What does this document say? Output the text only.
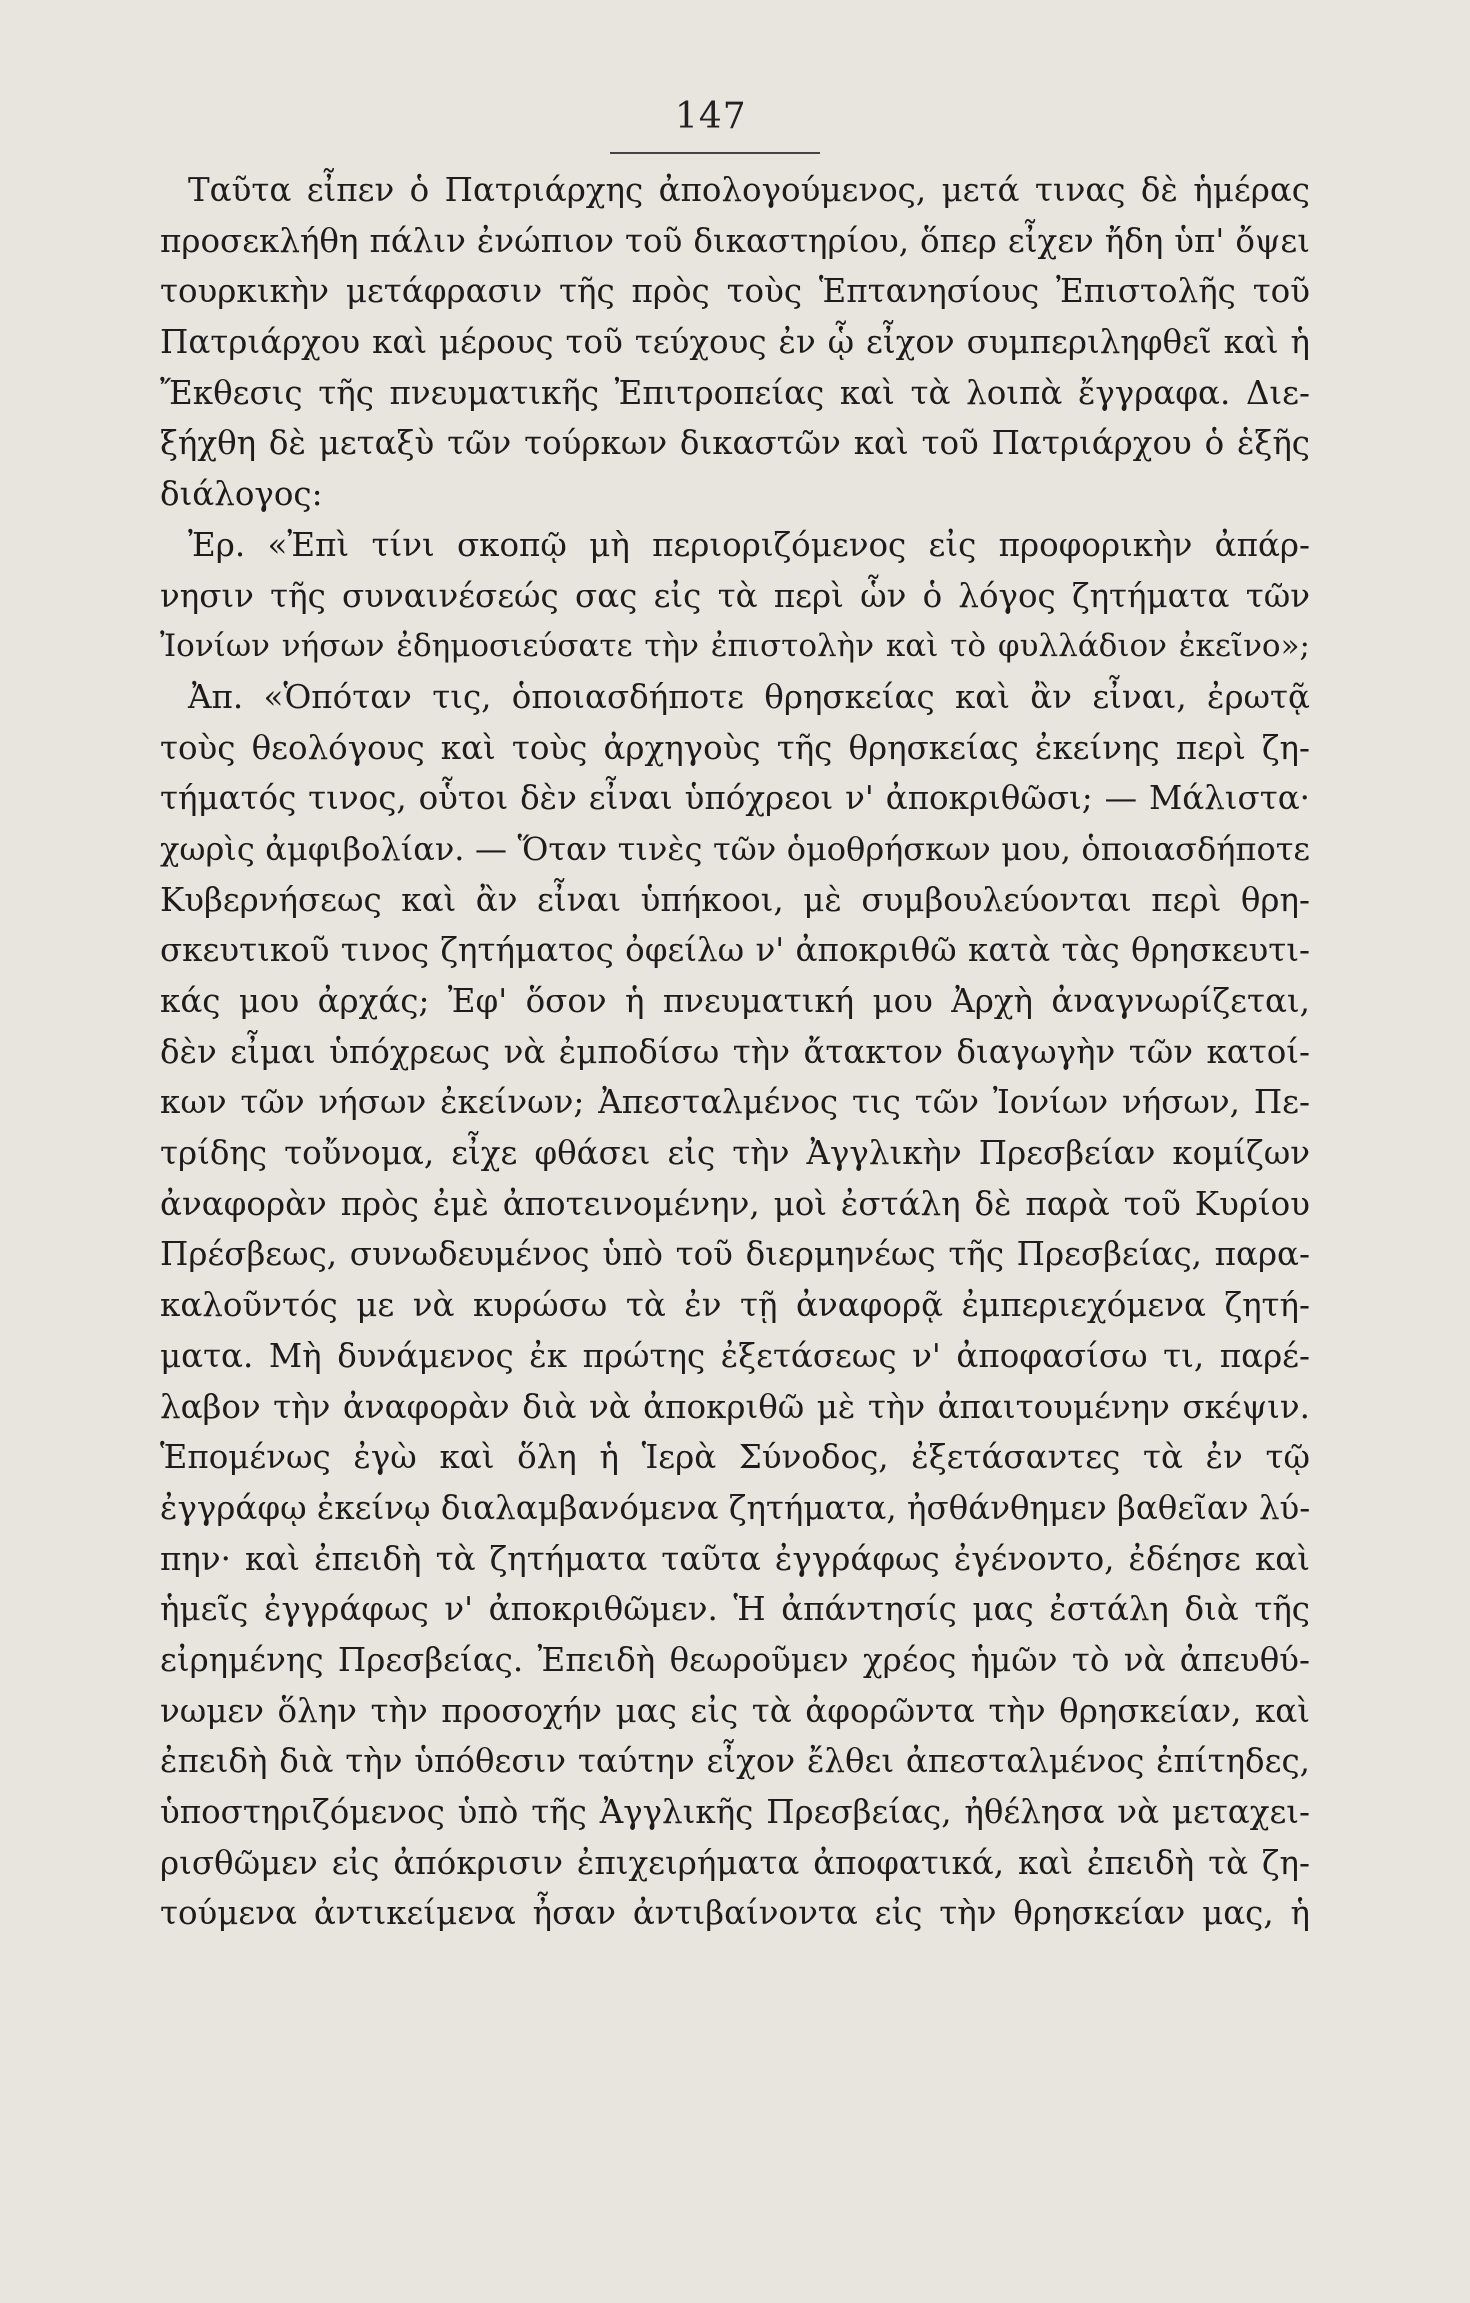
147
Ταῦτα εἶπεν ὁ Πατριάρχης ἀπολογούμενος, μετά τινας δὲ ἡμέρας
προσεκλήθη πάλιν ἐνώπιον τοῦ δικαστηρίου, ὅπερ εἶχεν ἤδη ὑπ' ὄψει
τουρκικὴν μετάφρασιν τῆς πρὸς τοὺς Ἑπτανησίους Ἐπιστολῆς τοῦ
Πατριάρχου καὶ μέρους τοῦ τεύχους ἐν ᾧ εἶχον συμπεριληφθεῖ καὶ ἡ
Ἔκθεσις τῆς πνευματικῆς Ἐπιτροπείας καὶ τὰ λοιπὰ ἔγγραφα. Διε-
ξήχθη δὲ μεταξὺ τῶν τούρκων δικαστῶν καὶ τοῦ Πατριάρχου ὁ ἑξῆς
διάλογος:
Ἐρ. «Ἐπὶ τίνι σκοπῷ μὴ περιοριζόμενος εἰς προφορικὴν ἀπάρ-
νησιν τῆς συναινέσεώς σας εἰς τὰ περὶ ὧν ὁ λόγος ζητήματα τῶν
Ἰονίων νήσων ἐδημοσιεύσατε τὴν ἐπιστολὴν καὶ τὸ φυλλάδιον ἐκεῖνο»;
Ἀπ. «Ὁπόταν τις, ὁποιασδήποτε θρησκείας καὶ ἂν εἶναι, ἐρωτᾷ
τοὺς θεολόγους καὶ τοὺς ἀρχηγοὺς τῆς θρησκείας ἐκείνης περὶ ζη-
τήματός τινος, οὗτοι δὲν εἶναι ὑπόχρεοι ν' ἀποκριθῶσι; — Μάλιστα·
χωρὶς ἀμφιβολίαν. — Ὅταν τινὲς τῶν ὁμοθρήσκων μου, ὁποιασδήποτε
Κυβερνήσεως καὶ ἂν εἶναι ὑπήκοοι, μὲ συμβουλεύονται περὶ θρη-
σκευτικοῦ τινος ζητήματος ὀφείλω ν' ἀποκριθῶ κατὰ τὰς θρησκευτι-
κάς μου ἀρχάς; Ἐφ' ὅσον ἡ πνευματική μου Ἀρχὴ ἀναγνωρίζεται,
δὲν εἶμαι ὑπόχρεως νὰ ἐμποδίσω τὴν ἄτακτον διαγωγὴν τῶν κατοί-
κων τῶν νήσων ἐκείνων; Ἀπεσταλμένος τις τῶν Ἰονίων νήσων, Πε-
τρίδης τοὔνομα, εἶχε φθάσει εἰς τὴν Ἀγγλικὴν Πρεσβείαν κομίζων
ἀναφορὰν πρὸς ἐμὲ ἀποτεινομένην, μοὶ ἐστάλη δὲ παρὰ τοῦ Κυρίου
Πρέσβεως, συνωδευμένος ὑπὸ τοῦ διερμηνέως τῆς Πρεσβείας, παρα-
καλοῦντός με νὰ κυρώσω τὰ ἐν τῇ ἀναφορᾷ ἐμπεριεχόμενα ζητή-
ματα. Μὴ δυνάμενος ἐκ πρώτης ἐξετάσεως ν' ἀποφασίσω τι, παρέ-
λαβον τὴν ἀναφορὰν διὰ νὰ ἀποκριθῶ μὲ τὴν ἀπαιτουμένην σκέψιν.
Ἑπομένως ἐγὼ καὶ ὅλη ἡ Ἱερὰ Σύνοδος, ἐξετάσαντες τὰ ἐν τῷ
ἐγγράφῳ ἐκείνῳ διαλαμβανόμενα ζητήματα, ἠσθάνθημεν βαθεῖαν λύ-
πην· καὶ ἐπειδὴ τὰ ζητήματα ταῦτα ἐγγράφως ἐγένοντο, ἐδέησε καὶ
ἡμεῖς ἐγγράφως ν' ἀποκριθῶμεν. Ἡ ἀπάντησίς μας ἐστάλη διὰ τῆς
εἰρημένης Πρεσβείας. Ἐπειδὴ θεωροῦμεν χρέος ἡμῶν τὸ νὰ ἀπευθύ-
νωμεν ὅλην τὴν προσοχήν μας εἰς τὰ ἀφορῶντα τὴν θρησκείαν, καὶ
ἐπειδὴ διὰ τὴν ὑπόθεσιν ταύτην εἶχον ἔλθει ἀπεσταλμένος ἐπίτηδες,
ὑποστηριζόμενος ὑπὸ τῆς Ἀγγλικῆς Πρεσβείας, ἠθέλησα νὰ μεταχει-
ρισθῶμεν εἰς ἀπόκρισιν ἐπιχειρήματα ἀποφατικά, καὶ ἐπειδὴ τὰ ζη-
τούμενα ἀντικείμενα ἦσαν ἀντιβαίνοντα εἰς τὴν θρησκείαν μας, ἡ
